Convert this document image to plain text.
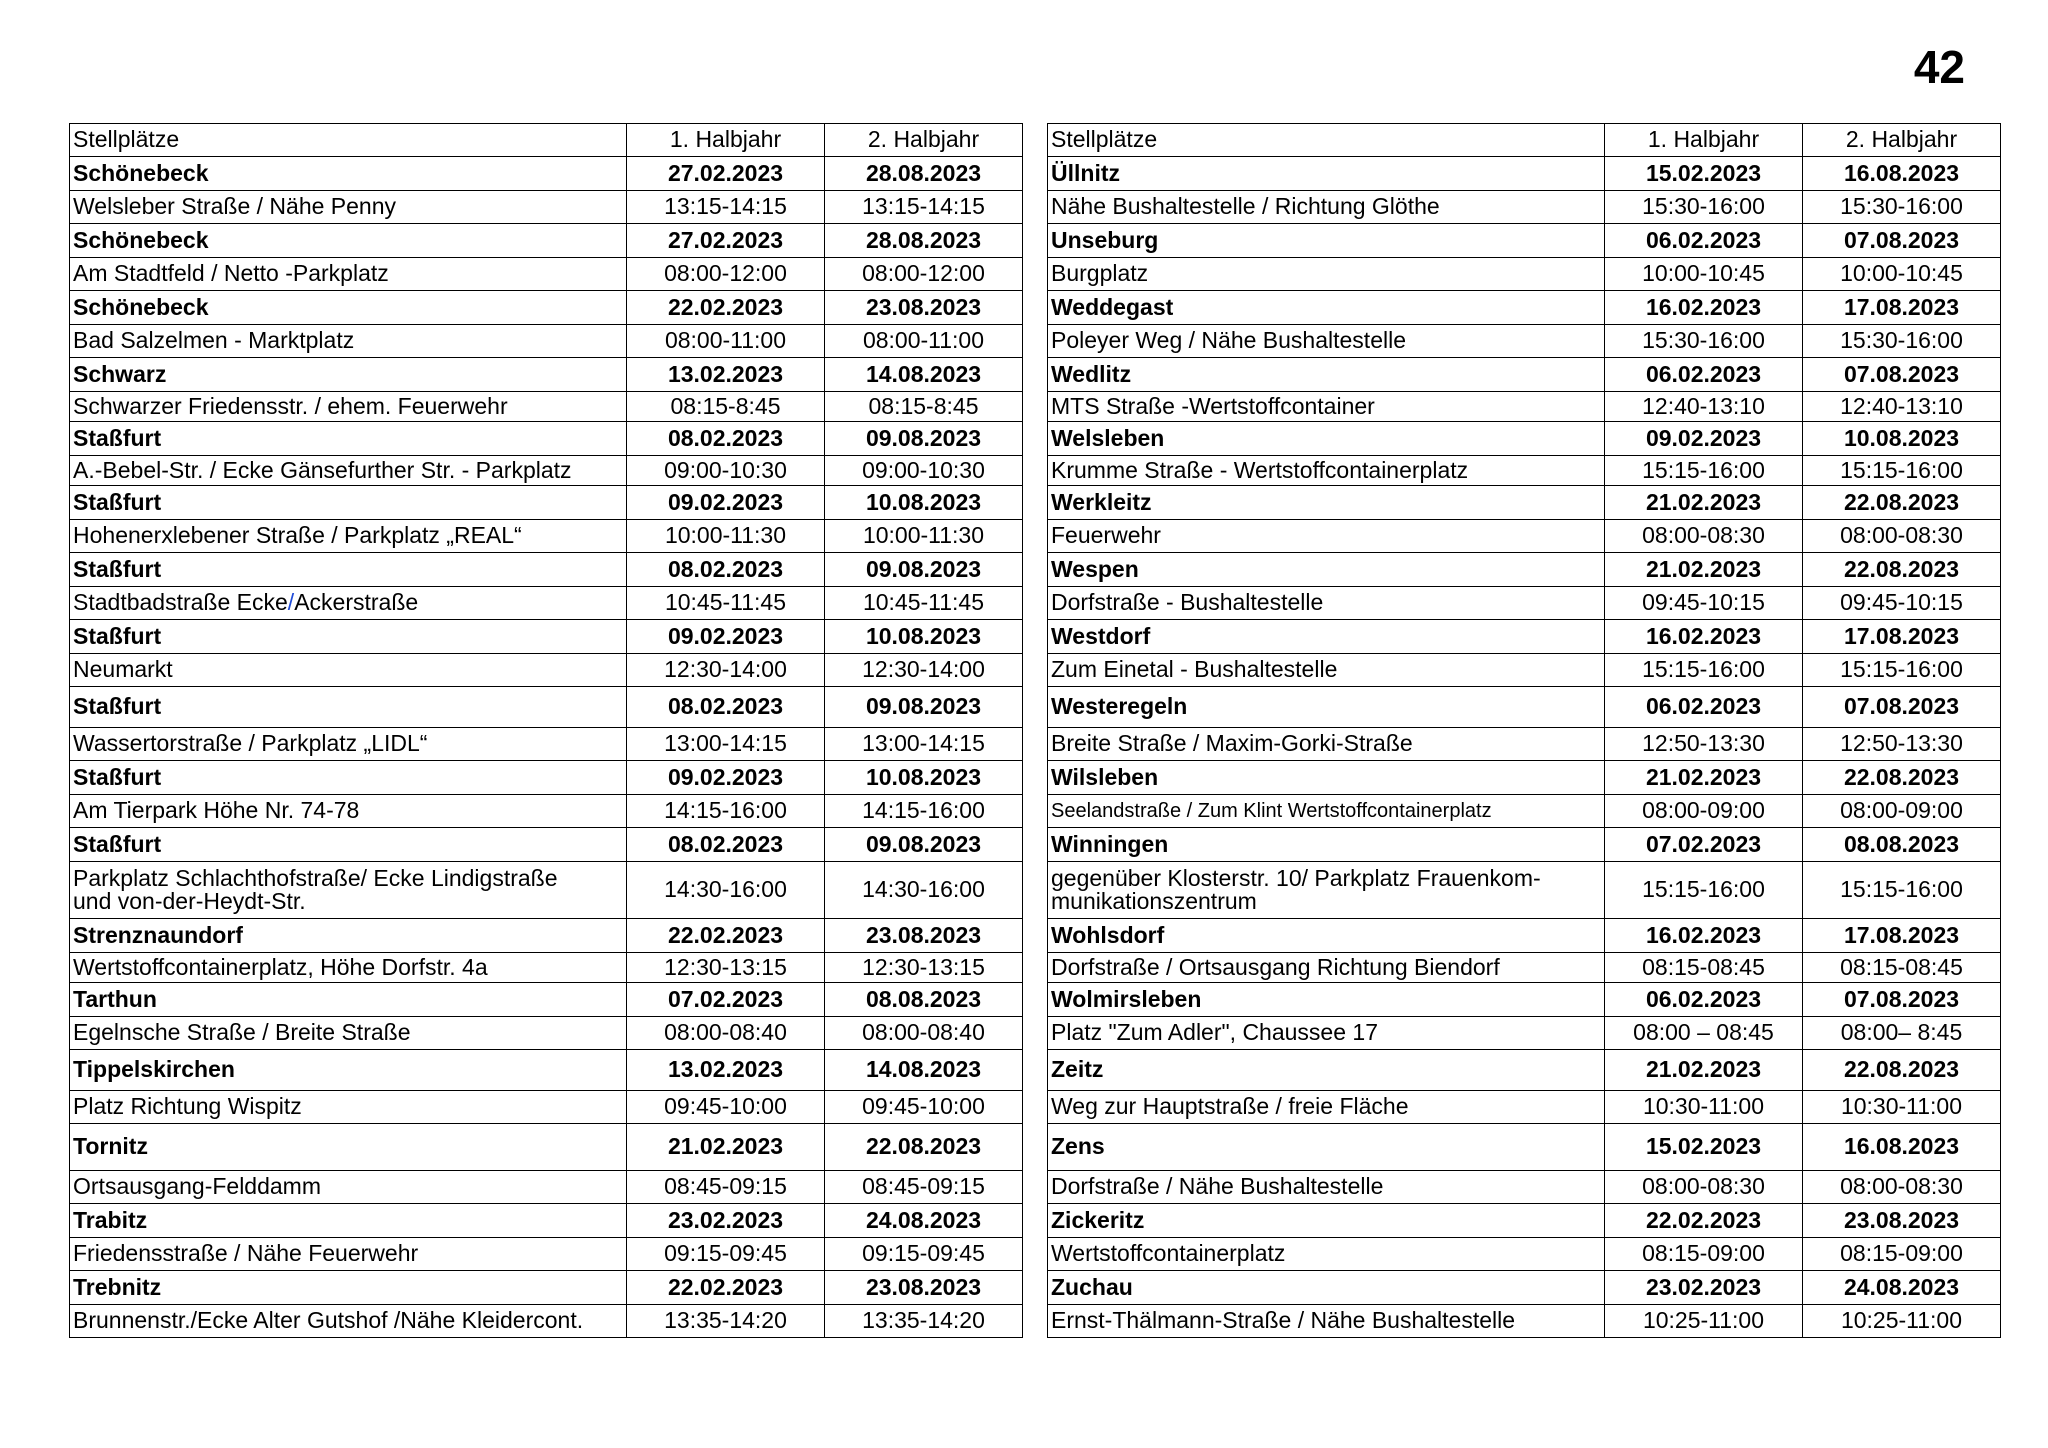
42
Stellplätze	1. Halbjahr	2. Halbjahr
Schönebeck	27.02.2023	28.08.2023
Welsleber Straße / Nähe Penny	13:15-14:15	13:15-14:15
Schönebeck	27.02.2023	28.08.2023
Am Stadtfeld / Netto -Parkplatz	08:00-12:00	08:00-12:00
Schönebeck	22.02.2023	23.08.2023
Bad Salzelmen - Marktplatz	08:00-11:00	08:00-11:00
Schwarz	13.02.2023	14.08.2023
Schwarzer Friedensstr. / ehem. Feuerwehr	08:15-8:45	08:15-8:45
Staßfurt	08.02.2023	09.08.2023
A.-Bebel-Str. / Ecke Gänsefurther Str. - Parkplatz	09:00-10:30	09:00-10:30
Staßfurt	09.02.2023	10.08.2023
Hohenerxlebener Straße / Parkplatz „REAL“	10:00-11:30	10:00-11:30
Staßfurt	08.02.2023	09.08.2023
Stadtbadstraße Ecke/Ackerstraße	10:45-11:45	10:45-11:45
Staßfurt	09.02.2023	10.08.2023
Neumarkt	12:30-14:00	12:30-14:00
Staßfurt	08.02.2023	09.08.2023
Wassertorstraße / Parkplatz „LIDL“	13:00-14:15	13:00-14:15
Staßfurt	09.02.2023	10.08.2023
Am Tierpark Höhe Nr. 74-78	14:15-16:00	14:15-16:00
Staßfurt	08.02.2023	09.08.2023

Parkplatz Schlachthofstraße/ Ecke Lindigstraße
und von-der-Heydt-Str.	14:30-16:00	14:30-16:00
Strenznaundorf	22.02.2023	23.08.2023
Wertstoffcontainerplatz, Höhe Dorfstr. 4a	12:30-13:15	12:30-13:15
Tarthun	07.02.2023	08.08.2023
Egelnsche Straße / Breite Straße	08:00-08:40	08:00-08:40
Tippelskirchen	13.02.2023	14.08.2023
Platz Richtung Wispitz	09:45-10:00	09:45-10:00
Tornitz	21.02.2023	22.08.2023
Ortsausgang-Felddamm	08:45-09:15	08:45-09:15
Trabitz	23.02.2023	24.08.2023
Friedensstraße / Nähe Feuerwehr	09:15-09:45	09:15-09:45
Trebnitz	22.02.2023	23.08.2023
Brunnenstr./Ecke Alter Gutshof /Nähe Kleidercont.	13:35-14:20	13:35-14:20
Stellplätze	1. Halbjahr	2. Halbjahr
Üllnitz	15.02.2023	16.08.2023
Nähe Bushaltestelle / Richtung Glöthe	15:30-16:00	15:30-16:00
Unseburg	06.02.2023	07.08.2023
Burgplatz	10:00-10:45	10:00-10:45
Weddegast	16.02.2023	17.08.2023
Poleyer Weg / Nähe Bushaltestelle	15:30-16:00	15:30-16:00
Wedlitz	06.02.2023	07.08.2023
MTS Straße -Wertstoffcontainer	12:40-13:10	12:40-13:10
Welsleben	09.02.2023	10.08.2023
Krumme Straße - Wertstoffcontainerplatz	15:15-16:00	15:15-16:00
Werkleitz	21.02.2023	22.08.2023
Feuerwehr	08:00-08:30	08:00-08:30
Wespen	21.02.2023	22.08.2023
Dorfstraße - Bushaltestelle	09:45-10:15	09:45-10:15
Westdorf	16.02.2023	17.08.2023
Zum Einetal - Bushaltestelle	15:15-16:00	15:15-16:00
Westeregeln	06.02.2023	07.08.2023
Breite Straße / Maxim-Gorki-Straße	12:50-13:30	12:50-13:30
Wilsleben	21.02.2023	22.08.2023
Seelandstraße / Zum Klint Wertstoffcontainerplatz	08:00-09:00	08:00-09:00
Winningen	07.02.2023	08.08.2023

gegenüber Klosterstr. 10/ Parkplatz Frauenkom-
munikationszentrum	15:15-16:00	15:15-16:00
Wohlsdorf	16.02.2023	17.08.2023
Dorfstraße / Ortsausgang Richtung Biendorf	08:15-08:45	08:15-08:45
Wolmirsleben	06.02.2023	07.08.2023
Platz "Zum Adler", Chaussee 17	08:00 – 08:45	08:00– 8:45
Zeitz	21.02.2023	22.08.2023
Weg zur Hauptstraße / freie Fläche	10:30-11:00	10:30-11:00
Zens	15.02.2023	16.08.2023
Dorfstraße / Nähe Bushaltestelle	08:00-08:30	08:00-08:30
Zickeritz	22.02.2023	23.08.2023
Wertstoffcontainerplatz	08:15-09:00	08:15-09:00
Zuchau	23.02.2023	24.08.2023
Ernst-Thälmann-Straße / Nähe Bushaltestelle	10:25-11:00	10:25-11:00
